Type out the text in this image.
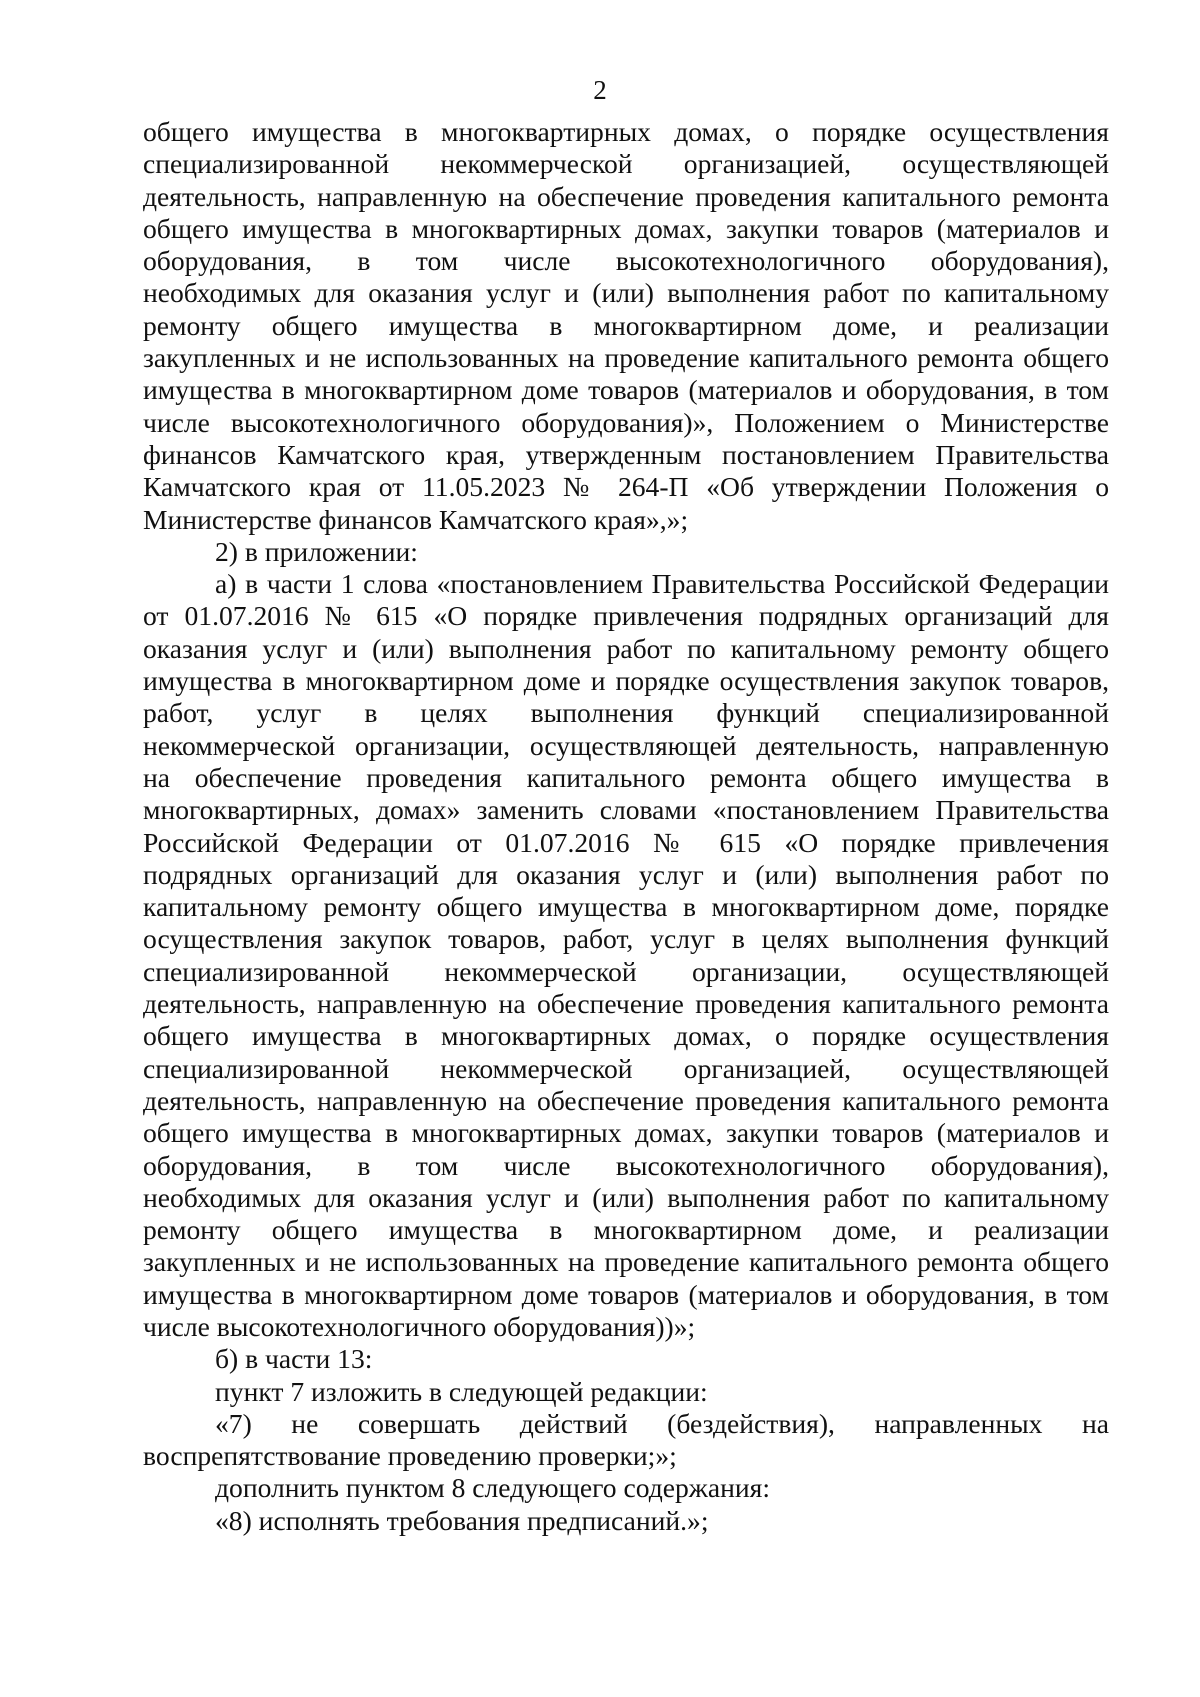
2

общего имущества в многоквартирных домах, о порядке осуществления
специализированной некоммерческой организацией, осуществляющей
деятельность, направленную на обеспечение проведения капитального ремонта
общего имущества в многоквартирных домах, закупки товаров (материалов и
оборудования, в том числе высокотехнологичного оборудования),
необходимых для оказания услуг и (или) выполнения работ по капитальному
ремонту общего имущества в многоквартирном доме, и реализации
закупленных и не использованных на проведение капитального ремонта общего
имущества в многоквартирном доме товаров (материалов и оборудования, в том
числе высокотехнологичного оборудования)», Положением о Министерстве
финансов Камчатского края, утвержденным постановлением Правительства
Камчатского края от 11.05.2023 № 264-П «Об утверждении Положения о
Министерстве финансов Камчатского края»,»;

2) в приложении:

а) в части 1 слова «постановлением Правительства Российской Федерации
от 01.07.2016 № 615 «О порядке привлечения подрядных организаций для
оказания услуг и (или) выполнения работ по капитальному ремонту общего
имущества в многоквартирном доме и порядке осуществления закупок товаров,
работ, услуг в целях выполнения функций специализированной
некоммерческой организации, осуществляющей деятельность, направленную
на обеспечение проведения капитального ремонта общего имущества в
многоквартирных, домах» заменить словами «постановлением Правительства
Российской Федерации от 01.07.2016 № 615 «О порядке привлечения
подрядных организаций для оказания услуг и (или) выполнения работ по
капитальному ремонту общего имущества в многоквартирном доме, порядке
осуществления закупок товаров, работ, услуг в целях выполнения функций
специализированной некоммерческой организации, осуществляющей
деятельность, направленную на обеспечение проведения капитального ремонта
общего имущества в многоквартирных домах, о порядке осуществления
специализированной некоммерческой организацией, осуществляющей
деятельность, направленную на обеспечение проведения капитального ремонта
общего имущества в многоквартирных домах, закупки товаров (материалов и
оборудования, в том числе высокотехнологичного оборудования),
необходимых для оказания услуг и (или) выполнения работ по капитальному
ремонту общего имущества в многоквартирном доме, и реализации
закупленных и не использованных на проведение капитального ремонта общего
имущества в многоквартирном доме товаров (материалов и оборудования, в том
числе высокотехнологичного оборудования))»;

б) в части 13:

пункт 7 изложить в следующей редакции:

«7) не совершать действий (бездействия), направленных на
воспрепятствование проведению проверки;»;

дополнить пунктом 8 следующего содержания:

«8) исполнять требования предписаний.»;
